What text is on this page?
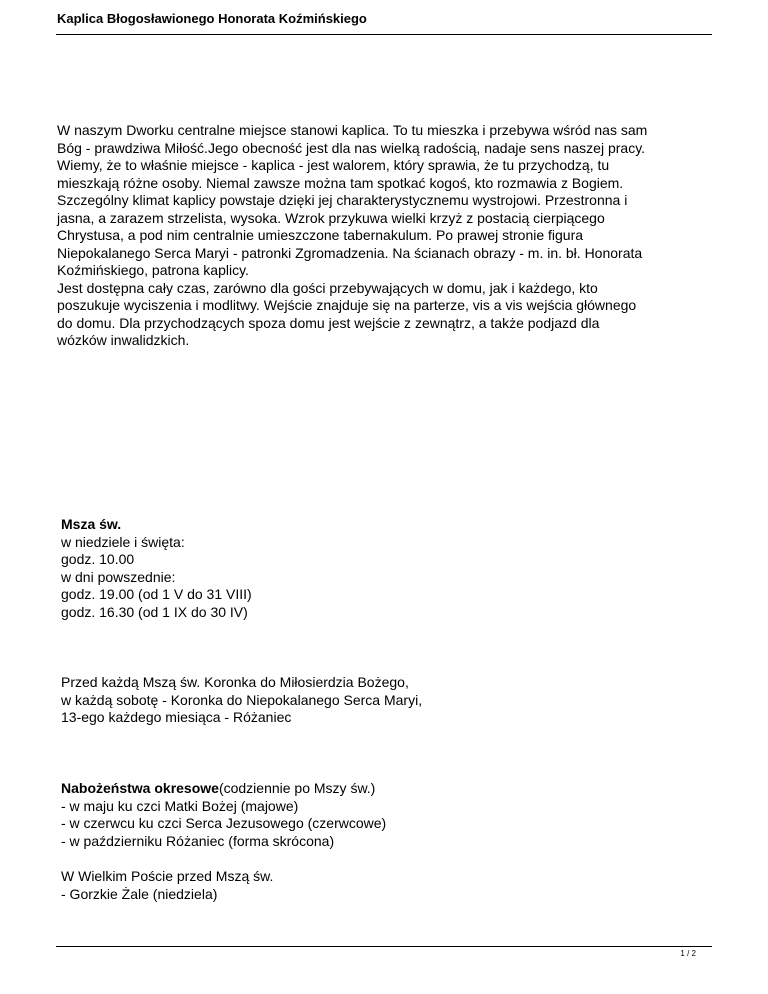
Kaplica Błogosławionego Honorata Koźmińskiego

W naszym Dworku centralne miejsce stanowi kaplica. To tu mieszka i przebywa wśród nas sam

Bóg - prawdziwa Miłość.Jego obecność jest dla nas wielką radością, nadaje sens naszej pracy.

Wiemy, że to właśnie miejsce - kaplica - jest walorem, który sprawia, że tu przychodzą, tu

mieszkają różne osoby. Niemal zawsze można tam spotkać kogoś, kto rozmawia z Bogiem.

Szczególny klimat kaplicy powstaje dzięki jej charakterystycznemu wystrojowi. Przestronna i

jasna, a zarazem strzelista, wysoka. Wzrok przykuwa wielki krzyż z postacią cierpiącego

Chrystusa, a pod nim centralnie umieszczone tabernakulum. Po prawej stronie figura

Niepokalanego Serca Maryi - patronki Zgromadzenia. Na ścianach obrazy - m. in. bł. Honorata

Koźmińskiego, patrona kaplicy.

Jest dostępna cały czas, zarówno dla gości przebywających w domu, jak i każdego, kto

poszukuje wyciszenia i modlitwy. Wejście znajduje się na parterze, vis a vis wejścia głównego

do domu. Dla przychodzących spoza domu jest wejście z zewnątrz, a także podjazd dla

wózków inwalidzkich.

Msza św.
w niedziele i święta:
godz. 10.00
w dni powszednie:
godz. 19.00 (od 1 V do 31 VIII)
godz. 16.30 (od 1 IX do 30 IV)
Przed każdą Mszą św. Koronka do Miłosierdzia Bożego,
w każdą sobotę - Koronka do Niepokalanego Serca Maryi,
13-ego każdego miesiąca - Różaniec
Nabożeństwa okresowe(codziennie po Mszy św.)
- w maju ku czci Matki Bożej (majowe)
- w czerwcu ku czci Serca Jezusowego (czerwcowe)
- w październiku Różaniec (forma skrócona)
W Wielkim Poście przed Mszą św.
- Gorzkie Żale (niedziela)
1 / 2
